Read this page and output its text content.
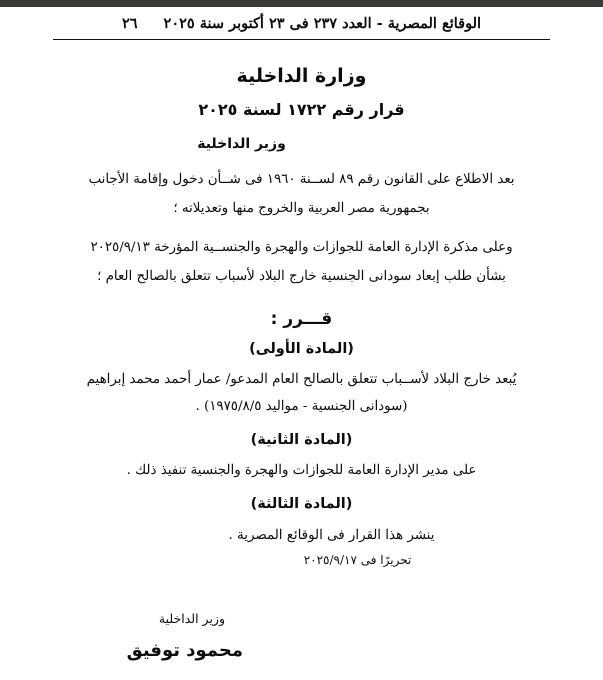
الوقائع المصرية - العدد ٢٣٧ فى ٢٣ أكتوبر سنة ٢٠٢٥
٢٦
وزارة الداخلية
قرار رقم ١٧٢٢ لسنة ٢٠٢٥
وزير الداخلية

بعد الاطلاع على القانون رقم ٨٩ لســنة ١٩٦٠ فى شــأن دخول وإقامة الأجانب
بجمهورية مصر العربية والخروج منها وتعديلاته ؛

وعلى مذكرة الإدارة العامة للجوازات والهجرة والجنســية المؤرخة ٢٠٢٥/٩/١٣
بشأن طلب إبعاد سودانى الجنسية خارج البلاد لأسباب تتعلق بالصالح العام ؛

قـــرر :
(المادة الأولى)
يُبعد خارج البلاد لأســباب تتعلق بالصالح العام المدعو/ عمار أحمد محمد إبراهيم
(سودانى الجنسية - مواليد ١٩٧٥/٨/٥) .
(المادة الثانية)
على مدير الإدارة العامة للجوازات والهجرة والجنسية تنفيذ ذلك .
(المادة الثالثة)
ينشر هذا القرار فى الوقائع المصرية .
تحريرًا فى ٢٠٢٥/٩/١٧
وزير الداخلية
محمود توفيق
